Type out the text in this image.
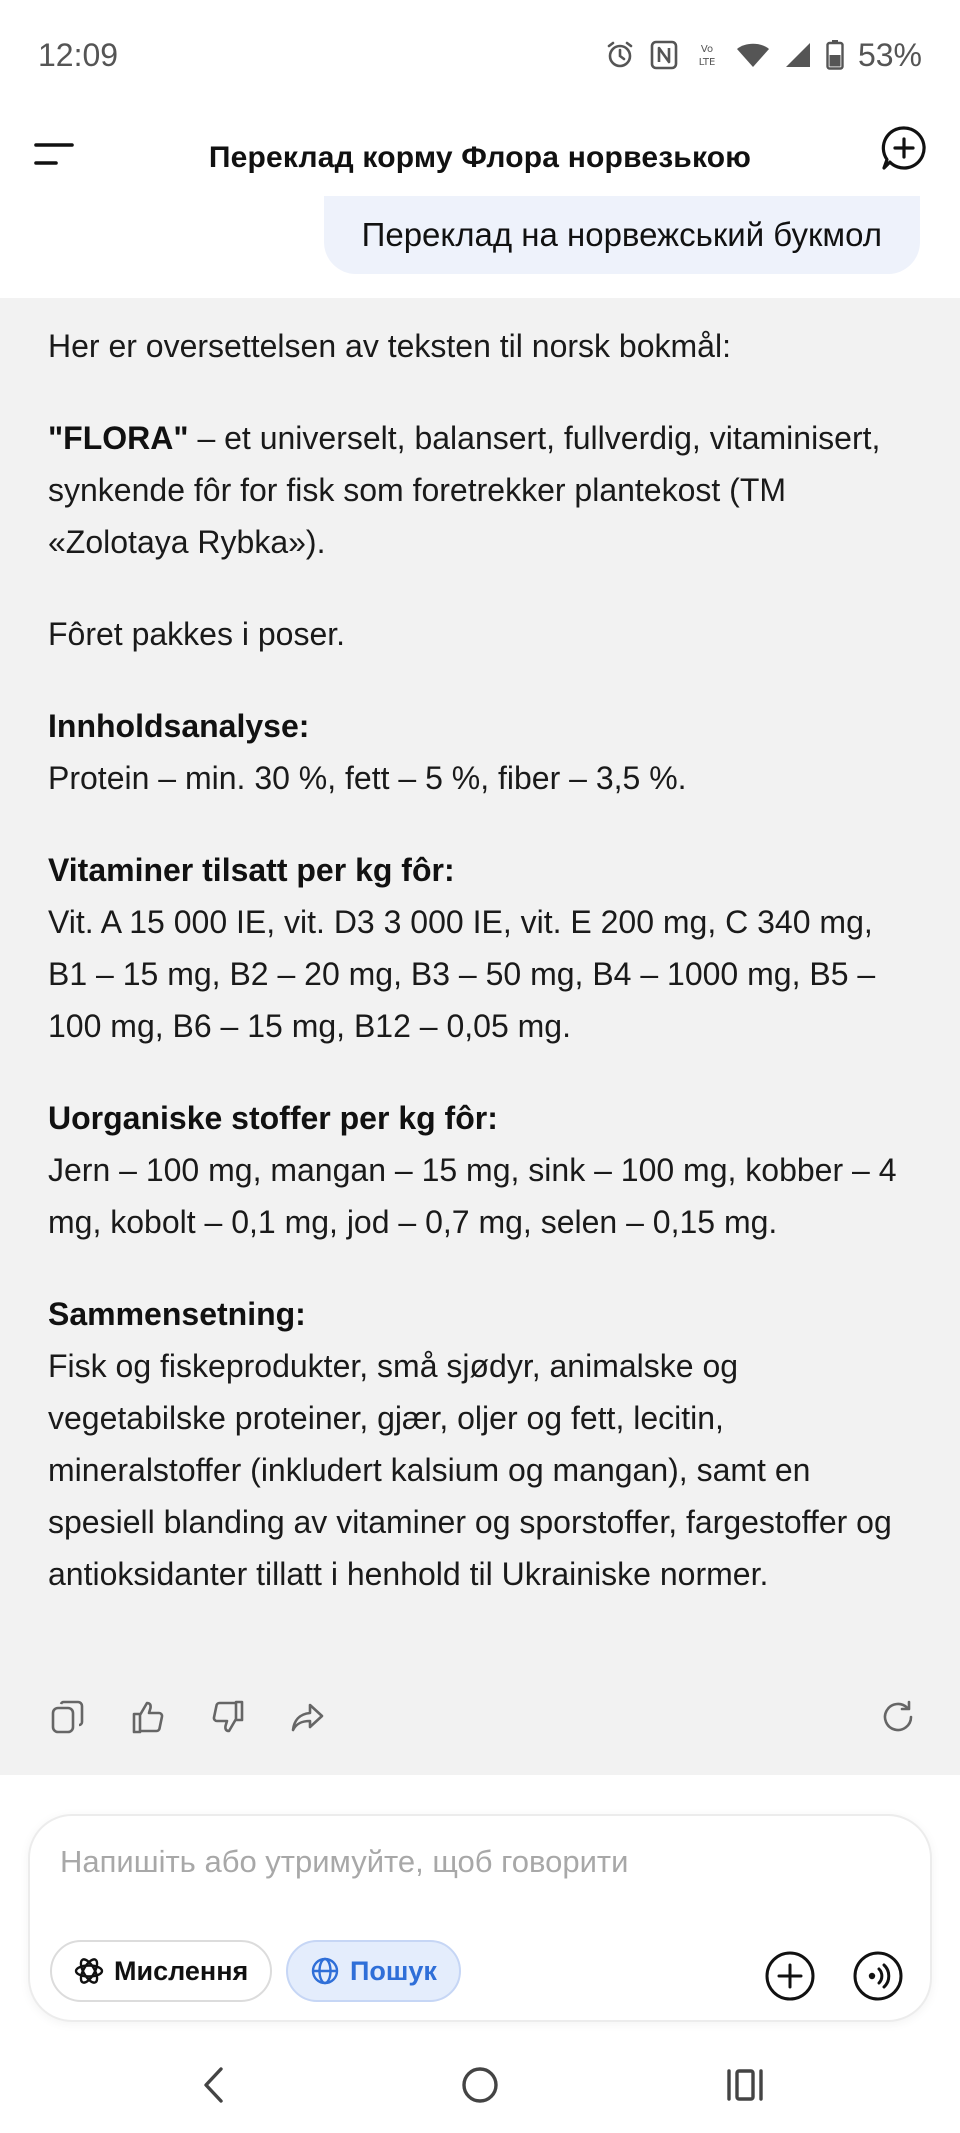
12:09	Vo
LTE	53%
Переклад корму Флора норвезькою
Переклад на норвежський букмол

Her er oversettelsen av teksten til norsk bokmål:

"FLORA" – et universelt, balansert, fullverdig, vitaminisert, synkende fôr for fisk som foretrekker plantekost (TM «Zolotaya Rybka»).

Fôret pakkes i poser.

Innholdsanalyse:
Protein – min. 30 %, fett – 5 %, fiber – 3,5 %.

Vitaminer tilsatt per kg fôr:
Vit. A 15 000 IE, vit. D3 3 000 IE, vit. E 200 mg, C 340 mg, B1 – 15 mg, B2 – 20 mg, B3 – 50 mg, B4 – 1000 mg, B5 – 100 mg, B6 – 15 mg, B12 – 0,05 mg.

Uorganiske stoffer per kg fôr:
Jern – 100 mg, mangan – 15 mg, sink – 100 mg, kobber – 4 mg, kobolt – 0,1 mg, jod – 0,7 mg, selen – 0,15 mg.

Sammensetning:
Fisk og fiskeprodukter, små sjødyr, animalske og vegetabilske proteiner, gjær, oljer og fett, lecitin, mineralstoffer (inkludert kalsium og mangan), samt en spesiell blanding av vitaminer og sporstoffer, fargestoffer og antioksidanter tillatt i henhold til Ukrainiske normer.

Напишіть або утримуйте, щоб говорити
Мислення	Пошук
